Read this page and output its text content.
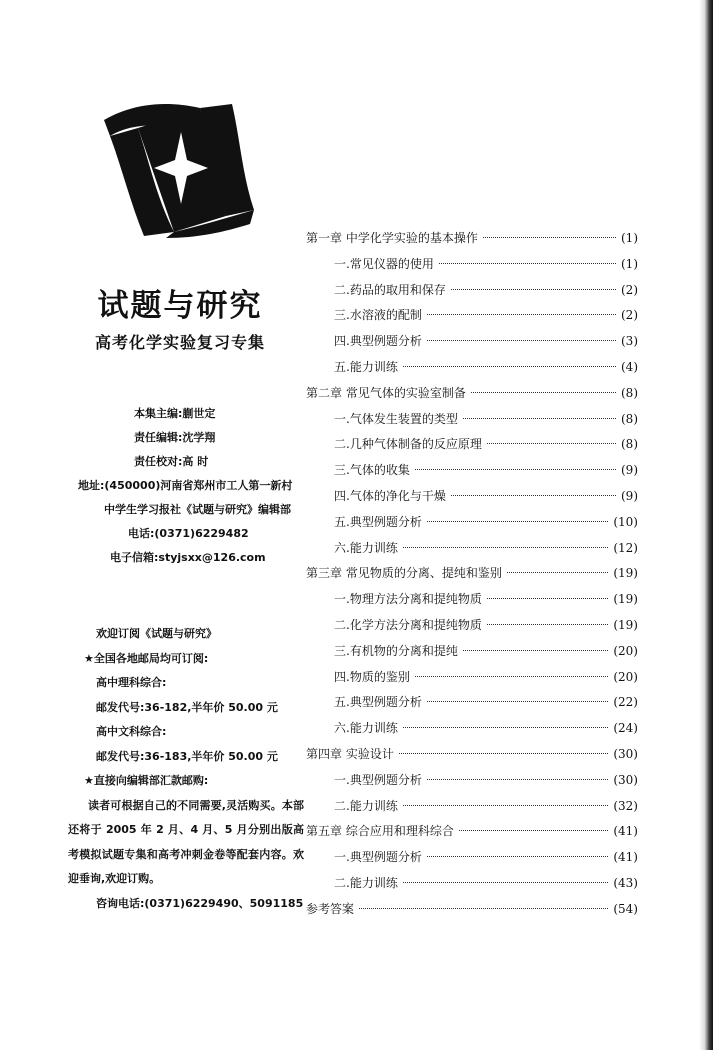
试题与研究
高考化学实验复习专集
本集主编:蒯世定
责任编辑:沈学翔
责任校对:高 时
地址:(450000)河南省郑州市工人第一新村
中学生学习报社《试题与研究》编辑部
电话:(0371)6229482
电子信箱:styjsxx@126.com
欢迎订阅《试题与研究》
★全国各地邮局均可订阅:
高中理科综合:
邮发代号:36-182,半年价 50.00 元
高中文科综合:
邮发代号:36-183,半年价 50.00 元
★直接向编辑部汇款邮购:
读者可根据自己的不同需要,灵活购买。本部还将于 2005 年 2 月、4 月、5 月分别出版高考模拟试题专集和高考冲刺金卷等配套内容。欢迎垂询,欢迎订购。
咨询电话:(0371)6229490、5091185
第一章 中学化学实验的基本操作	(1)
一.常见仪器的使用	(1)
二.药品的取用和保存	(2)
三.水溶液的配制	(2)
四.典型例题分析	(3)
五.能力训练	(4)
第二章 常见气体的实验室制备	(8)
一.气体发生装置的类型	(8)
二.几种气体制备的反应原理	(8)
三.气体的收集	(9)
四.气体的净化与干燥	(9)
五.典型例题分析	(10)
六.能力训练	(12)
第三章 常见物质的分离、提纯和鉴别	(19)
一.物理方法分离和提纯物质	(19)
二.化学方法分离和提纯物质	(19)
三.有机物的分离和提纯	(20)
四.物质的鉴别	(20)
五.典型例题分析	(22)
六.能力训练	(24)
第四章 实验设计	(30)
一.典型例题分析	(30)
二.能力训练	(32)
第五章 综合应用和理科综合	(41)
一.典型例题分析	(41)
二.能力训练	(43)
参考答案	(54)
